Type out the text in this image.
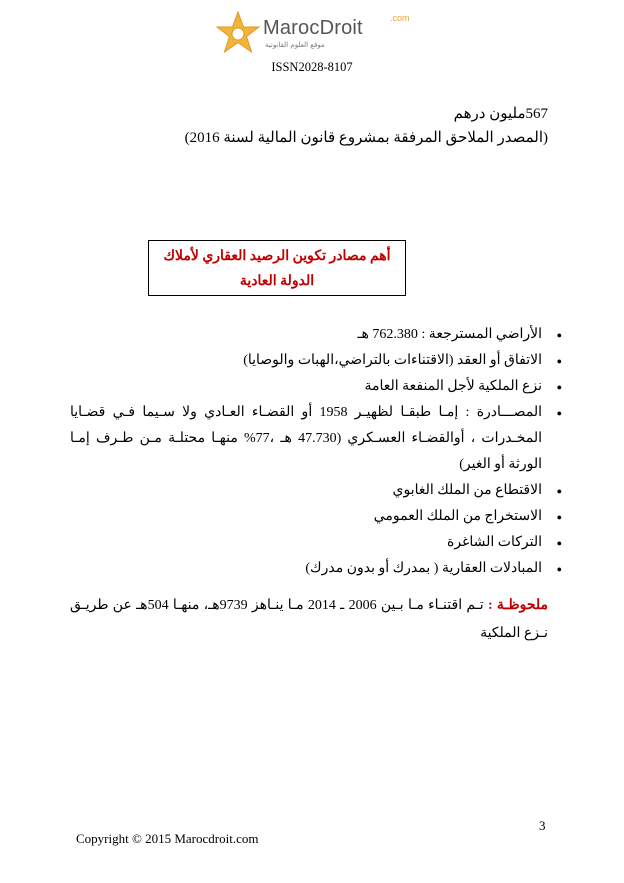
MarocDroit	.com
موقع العلوم القانونية
ISSN2028-8107
567مليون درهم
(المصدر الملاحق المرفقة بمشروع قانون المالية لسنة 2016)
أهم مصادر تكوين الرصيد العقاري لأملاك الدولة العادية
● الأراضي المسترجعة : 762.380 هـ
● الاتفاق أو العقد (الاقتناءات بالتراضي،الهبات والوصايا)
● نزع الملكية لأجل المنفعة العامة
● المصـــادرة : إمـا طبقـا لظهيـر 1958 أو القضـاء العـادي ولا سـيما فـي قضـايا المخـدرات ، أوالقضـاء العسـكري (47.730 هـ ،77% منهـا محتلـة مـن طـرف إمـا الورثة أو الغير)
● الاقتطاع من الملك الغابوي
● الاستخراج من الملك العمومي
● التركات الشاغرة
● المبادلات العقارية ( بمدرك أو بدون مدرك)
ملحوظـة : تـم اقتنـاء مـا بـين 2006 ـ 2014 مـا ينـاهز 9739هـ، منهـا 504هـ عن طريـق نـزع الملكية
3
Copyright © 2015 Marocdroit.com
